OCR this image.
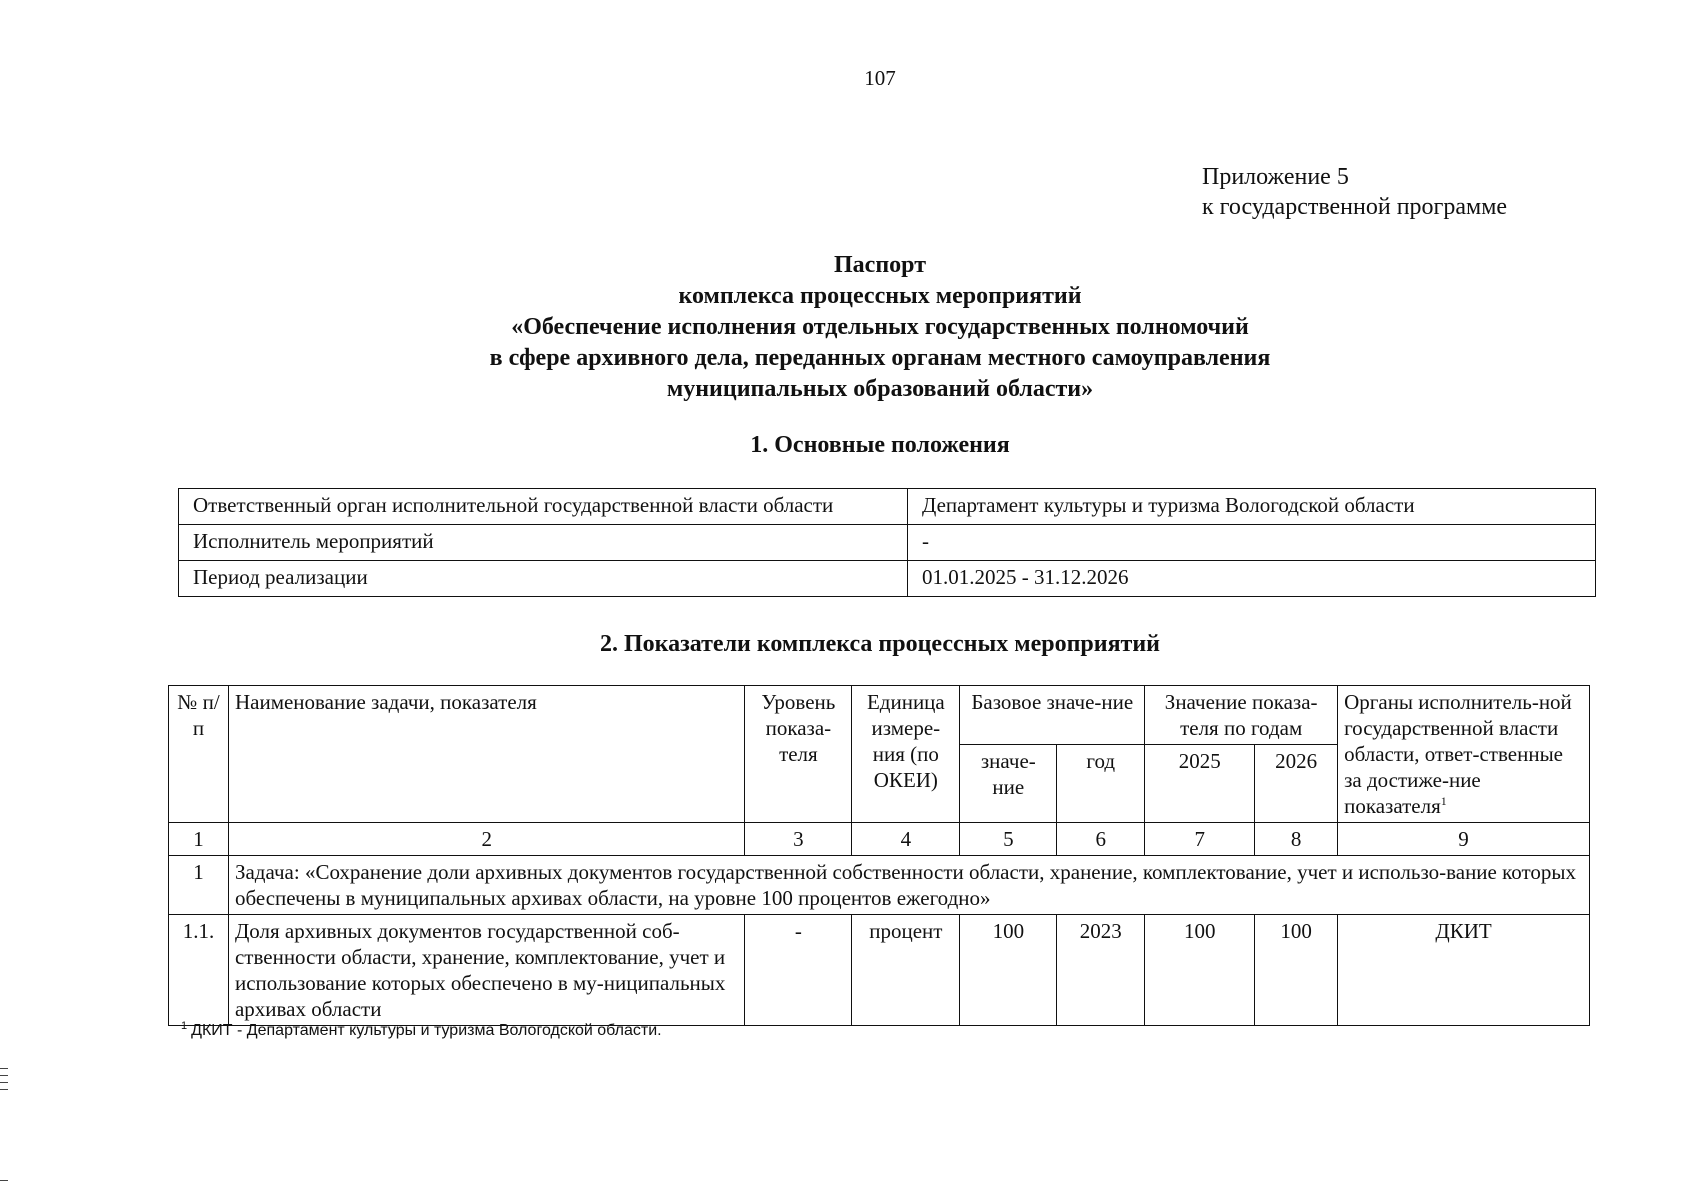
107
Приложение 5
к государственной программе
Паспорт
комплекса процессных мероприятий
«Обеспечение исполнения отдельных государственных полномочий
в сфере архивного дела, переданных органам местного самоуправления
муниципальных образований области»
1. Основные положения
Ответственный орган исполнительной государственной власти области	Департамент культуры и туризма Вологодской области
Исполнитель мероприятий	-
Период реализации	01.01.2025 - 31.12.2026
2. Показатели комплекса процессных мероприятий
№ п/п	Наименование задачи, показателя	Уровень показа-теля	Единица измере-ния (по ОКЕИ)	Базовое значе-ние		Значение показа-теля по годам		Органы исполнитель-ной государственной власти области, ответ-ственные за достиже-ние показателя$^1$
				значе-ние	год	2025	2026	
1	2	3	4	5	6	7	8	9
1	Задача: «Сохранение доли архивных документов государственной собственности области, хранение, комплектование, учет и использо-вание которых обеспечены в муниципальных архивах области, на уровне 100 процентов ежегодно»							
1.1.	Доля архивных документов государственной соб-ственности области, хранение, комплектование, учет и использование которых обеспечено в му-ниципальных архивах области	-	процент	100	2023	100	100	ДКИТ
$^1$ ДКИТ - Департамент культуры и туризма Вологодской области.
